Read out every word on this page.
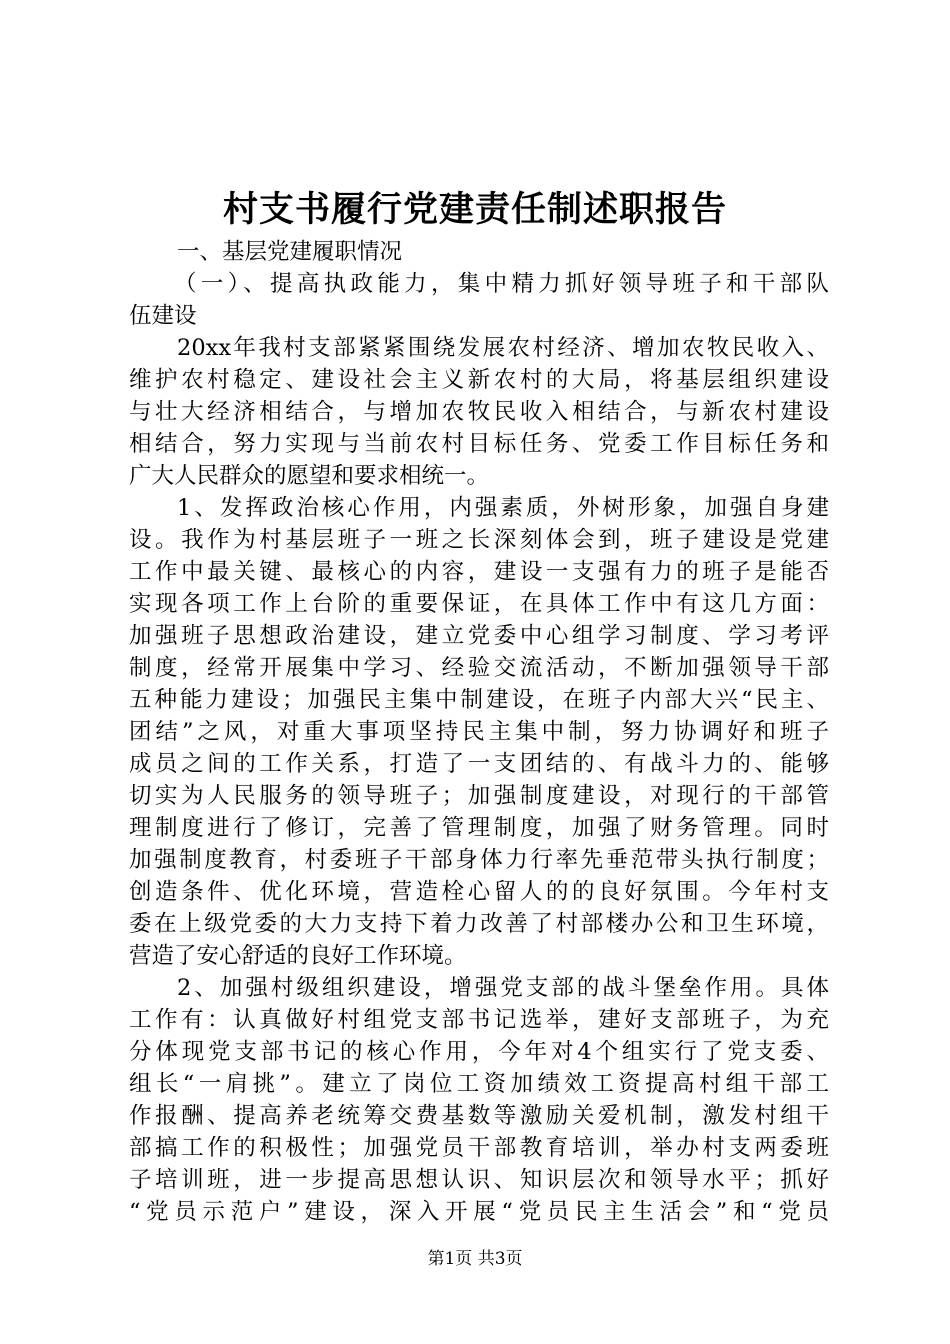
村支书履行党建责任制述职报告
一、基层党建履职情况
（一）、提高执政能力，集中精力抓好领导班子和干部队
伍建设
20xx年我村支部紧紧围绕发展农村经济、增加农牧民收入、
维护农村稳定、建设社会主义新农村的大局，将基层组织建设
与壮大经济相结合，与增加农牧民收入相结合，与新农村建设
相结合，努力实现与当前农村目标任务、党委工作目标任务和
广大人民群众的愿望和要求相统一。
1、发挥政治核心作用，内强素质，外树形象，加强自身建
设。我作为村基层班子一班之长深刻体会到，班子建设是党建
工作中最关键、最核心的内容，建设一支强有力的班子是能否
实现各项工作上台阶的重要保证，在具体工作中有这几方面：
加强班子思想政治建设，建立党委中心组学习制度、学习考评
制度，经常开展集中学习、经验交流活动，不断加强领导干部
五种能力建设；加强民主集中制建设，在班子内部大兴“民主、
团结”之风，对重大事项坚持民主集中制，努力协调好和班子
成员之间的工作关系，打造了一支团结的、有战斗力的、能够
切实为人民服务的领导班子；加强制度建设，对现行的干部管
理制度进行了修订，完善了管理制度，加强了财务管理。同时
加强制度教育，村委班子干部身体力行率先垂范带头执行制度；
创造条件、优化环境，营造栓心留人的的良好氛围。今年村支
委在上级党委的大力支持下着力改善了村部楼办公和卫生环境，
营造了安心舒适的良好工作环境。
2、加强村级组织建设，增强党支部的战斗堡垒作用。具体
工作有：认真做好村组党支部书记选举，建好支部班子，为充
分体现党支部书记的核心作用，今年对4个组实行了党支委、
组长“一肩挑”。建立了岗位工资加绩效工资提高村组干部工
作报酬、提高养老统筹交费基数等激励关爱机制，激发村组干
部搞工作的积极性；加强党员干部教育培训，举办村支两委班
子培训班，进一步提高思想认识、知识层次和领导水平；抓好
“党员示范户”建设，深入开展“党员民主生活会”和“党员
第1页 共3页
